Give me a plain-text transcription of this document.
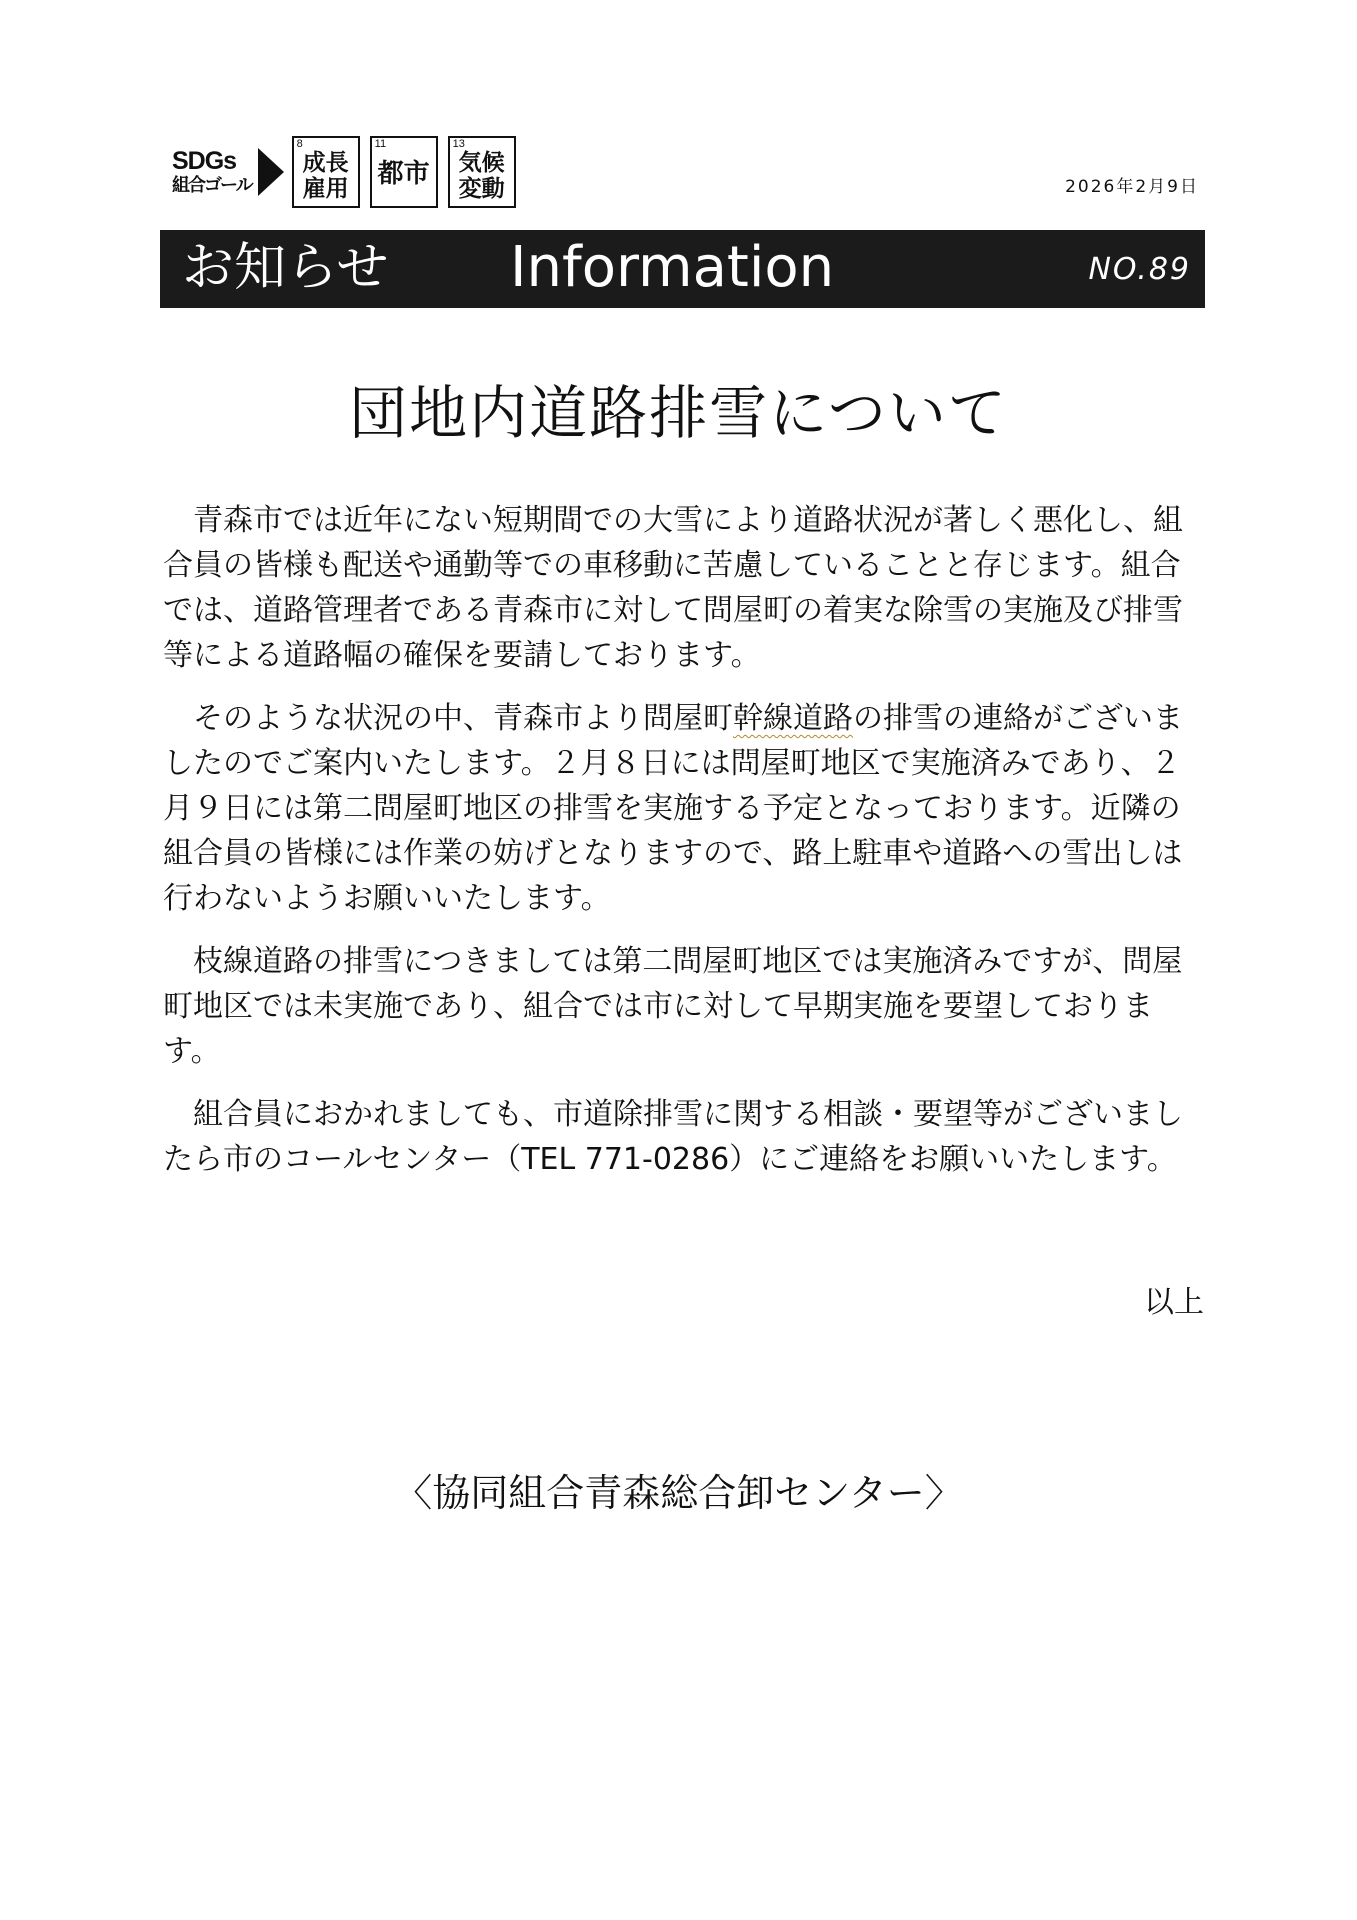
SDGs
組合ゴール
8
成長雇用
11
都市
13
気候変動	2026年2月9日
お知らせ Information	NO.89
団地内道路排雪について

青森市では近年にない短期間での大雪により道路状況が著しく悪化し、組合員の皆様も配送や通勤等での車移動に苦慮していることと存じます。組合では、道路管理者である青森市に対して問屋町の着実な除雪の実施及び排雪等による道路幅の確保を要請しております。

そのような状況の中、青森市より問屋町幹線道路の排雪の連絡がございましたのでご案内いたします。２月８日には問屋町地区で実施済みであり、２月９日には第二問屋町地区の排雪を実施する予定となっております。近隣の組合員の皆様には作業の妨げとなりますので、路上駐車や道路への雪出しは行わないようお願いいたします。

枝線道路の排雪につきましては第二問屋町地区では実施済みですが、問屋町地区では未実施であり、組合では市に対して早期実施を要望しております。

組合員におかれましても、市道除排雪に関する相談・要望等がございましたら市のコールセンター（TEL 771-0286）にご連絡をお願いいたします。

以上
〈協同組合青森総合卸センター〉
